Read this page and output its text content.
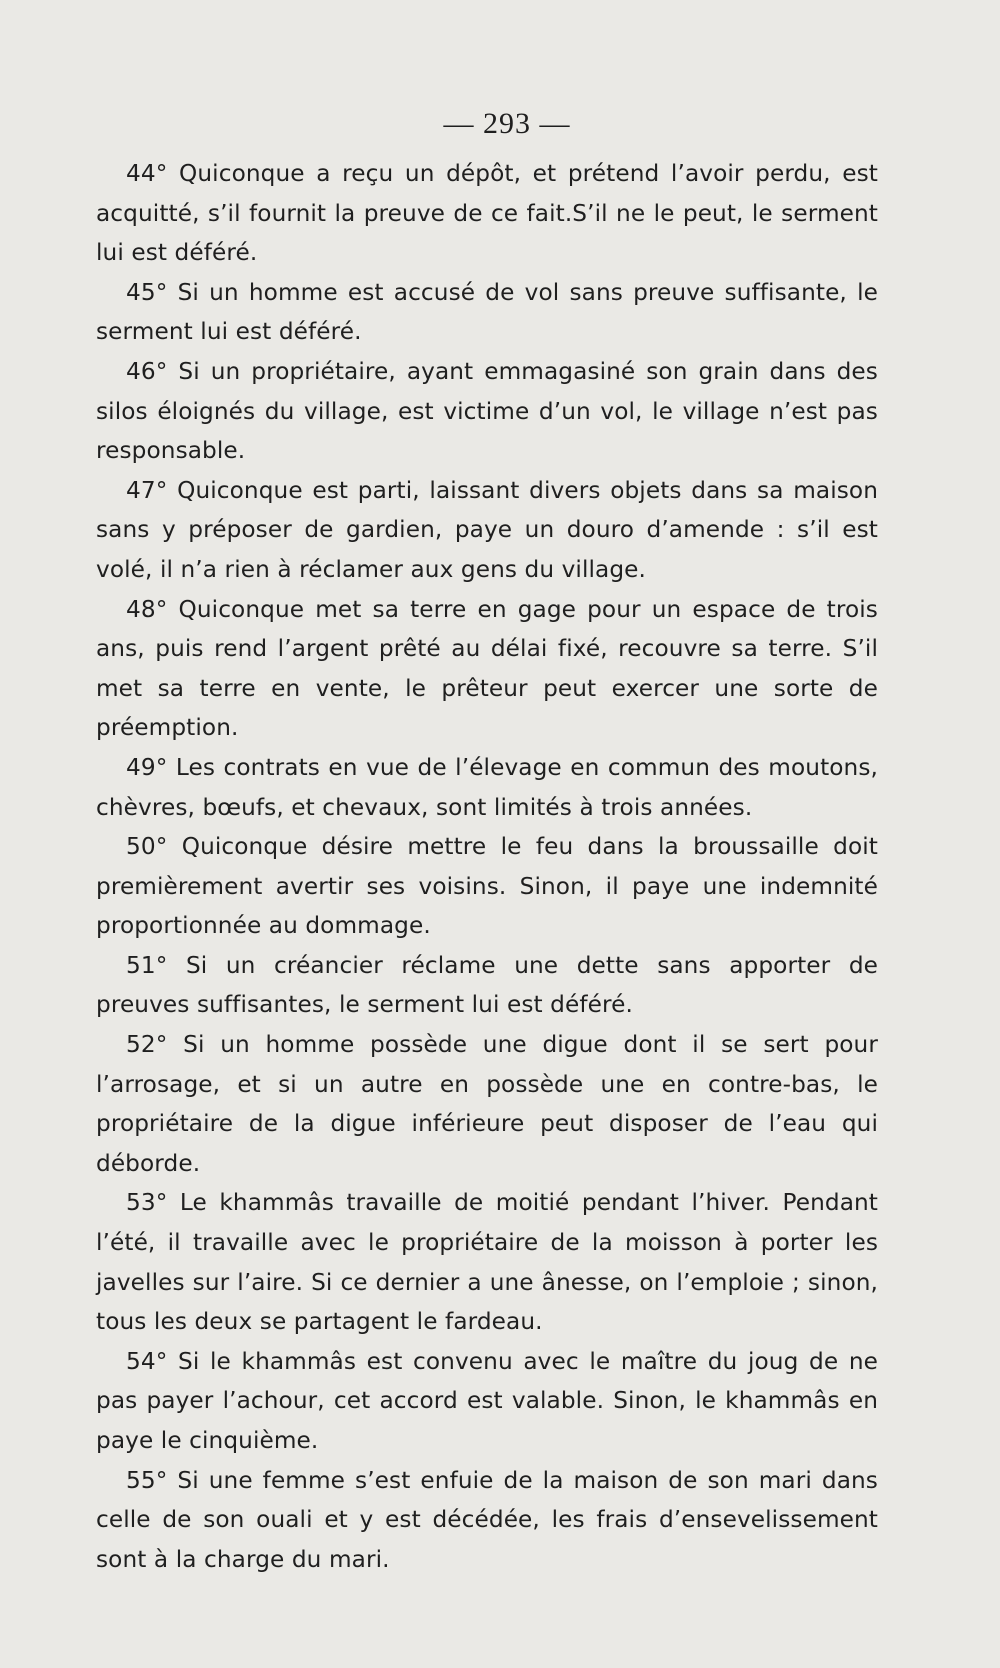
— 293 —

44° Quiconque a reçu un dépôt, et prétend l’avoir perdu, est acquitté, s’il fournit la preuve de ce fait.S’il ne le peut, le serment lui est déféré.

45° Si un homme est accusé de vol sans preuve suffisante, le serment lui est déféré.

46° Si un propriétaire, ayant emmagasiné son grain dans des silos éloignés du village, est victime d’un vol, le village n’est pas responsable.

47° Quiconque est parti, laissant divers objets dans sa maison sans y préposer de gardien, paye un douro d’amende : s’il est volé, il n’a rien à réclamer aux gens du village.

48° Quiconque met sa terre en gage pour un espace de trois ans, puis rend l’argent prêté au délai fixé, recouvre sa terre. S’il met sa terre en vente, le prêteur peut exercer une sorte de préemption.

49° Les contrats en vue de l’élevage en commun des moutons, chèvres, bœufs, et chevaux, sont limités à trois années.

50° Quiconque désire mettre le feu dans la broussaille doit premièrement avertir ses voisins. Sinon, il paye une indemnité proportionnée au dommage.

51° Si un créancier réclame une dette sans apporter de preuves suffisantes, le serment lui est déféré.

52° Si un homme possède une digue dont il se sert pour l’arrosage, et si un autre en possède une en contre-bas, le propriétaire de la digue inférieure peut disposer de l’eau qui déborde.

53° Le khammâs travaille de moitié pendant l’hiver. Pendant l’été, il travaille avec le propriétaire de la moisson à porter les javelles sur l’aire. Si ce dernier a une ânesse, on l’emploie ; sinon, tous les deux se partagent le fardeau.

54° Si le khammâs est convenu avec le maître du joug de ne pas payer l’achour, cet accord est valable. Sinon, le khammâs en paye le cinquième.

55° Si une femme s’est enfuie de la maison de son mari dans celle de son ouali et y est décédée, les frais d’ensevelissement sont à la charge du mari.
